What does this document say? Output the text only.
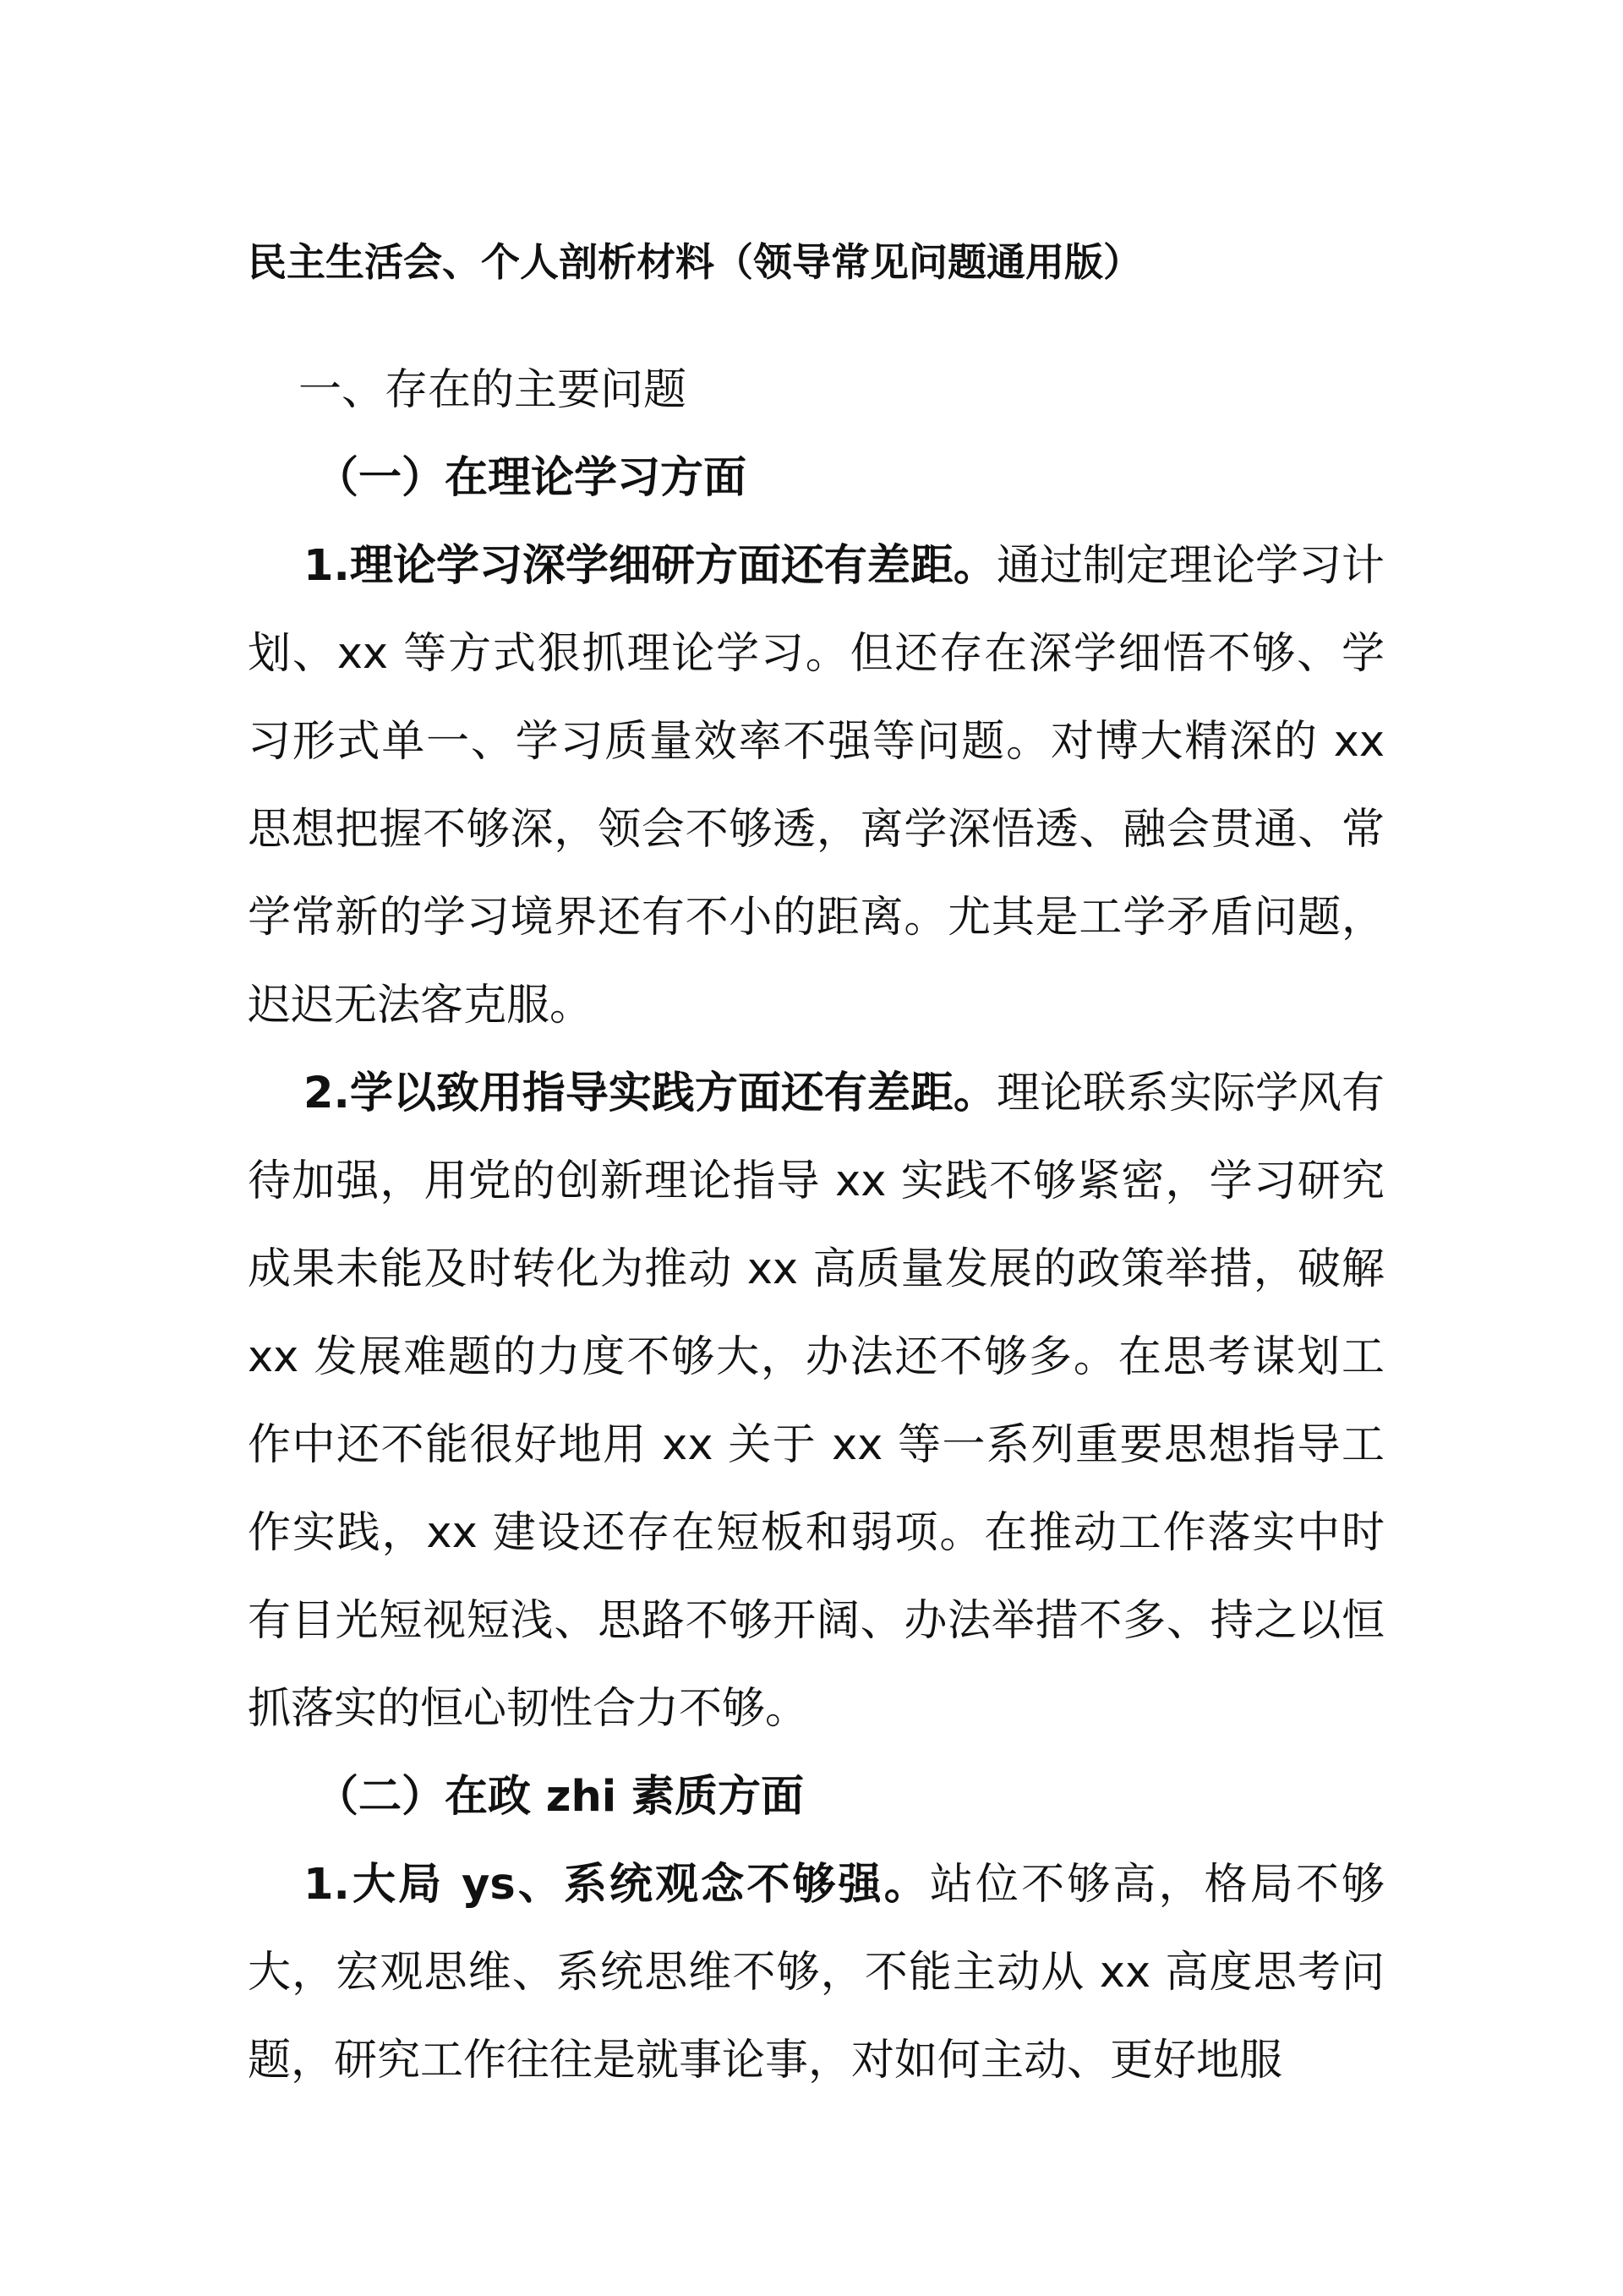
民主生活会、个人剖析材料（领导常见问题通用版）
一、存在的主要问题
（一）在理论学习方面

1.理论学习深学细研方面还有差距。通过制定理论学习计划、xx 等方式狠抓理论学习。但还存在深学细悟不够、学习形式单一、学习质量效率不强等问题。对博大精深的 xx 思想把握不够深，领会不够透，离学深悟透、融会贯通、常学常新的学习境界还有不小的距离。尤其是工学矛盾问题，迟迟无法客克服。

2.学以致用指导实践方面还有差距。理论联系实际学风有待加强，用党的创新理论指导 xx 实践不够紧密，学习研究成果未能及时转化为推动 xx 高质量发展的政策举措，破解 xx 发展难题的力度不够大，办法还不够多。在思考谋划工作中还不能很好地用 xx 关于 xx 等一系列重要思想指导工作实践，xx 建设还存在短板和弱项。在推动工作落实中时有目光短视短浅、思路不够开阔、办法举措不多、持之以恒抓落实的恒心韧性合力不够。

（二）在政 zhi 素质方面

1.大局 ys、系统观念不够强。站位不够高，格局不够大，宏观思维、系统思维不够，不能主动从 xx 高度思考问题，研究工作往往是就事论事，对如何主动、更好地服
